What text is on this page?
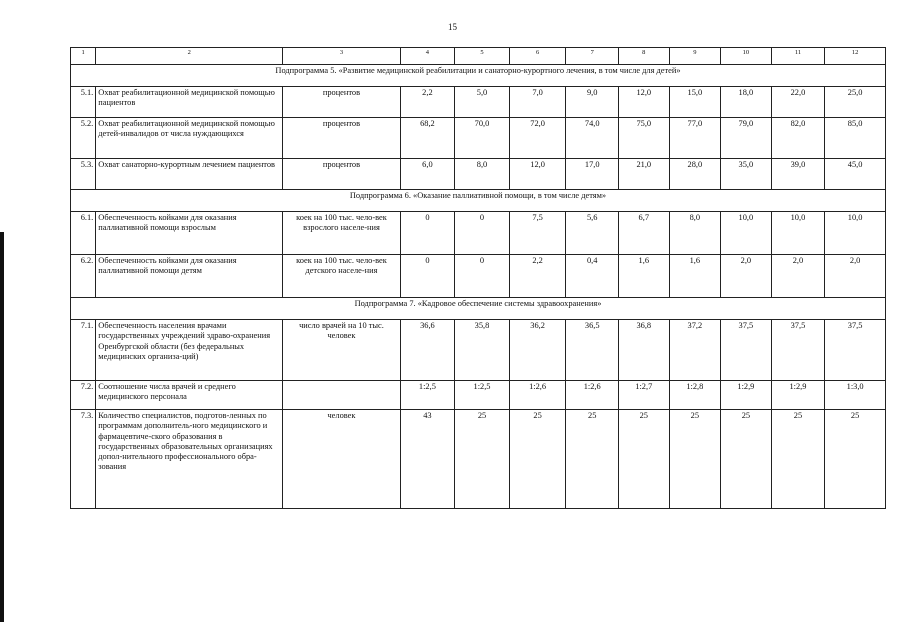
15
1	2	3	4	5	6	7	8	9	10	11	12
Подпрограмма 5. «Развитие медицинской реабилитации и санаторно-курортного лечения, в том числе для детей»											
5.1.	Охват реабилитационной медицинской помощью пациентов	процентов	2,2	5,0	7,0	9,0	12,0	15,0	18,0	22,0	25,0
5.2.	Охват реабилитационной медицинской помощью детей-инвалидов от числа нуждающихся	процентов	68,2	70,0	72,0	74,0	75,0	77,0	79,0	82,0	85,0
5.3.	Охват санаторно-курортным лечением пациентов	процентов	6,0	8,0	12,0	17,0	21,0	28,0	35,0	39,0	45,0
Подпрограмма 6. «Оказание паллиативной помощи, в том числе детям»											
6.1.	Обеспеченность койками для оказания паллиативной помощи взрослым	коек на 100 тыс. чело-век взрослого населе-ния	0	0	7,5	5,6	6,7	8,0	10,0	10,0	10,0
6.2.	Обеспеченность койками для оказания паллиативной помощи детям	коек на 100 тыс. чело-век детского населе-ния	0	0	2,2	0,4	1,6	1,6	2,0	2,0	2,0
Подпрограмма 7. «Кадровое обеспечение системы здравоохранения»											
7.1.	Обеспеченность населения врачами государственных учреждений здраво-охранения Оренбургской области (без федеральных медицинских организа-ций)	число врачей на 10 тыс. человек	36,6	35,8	36,2	36,5	36,8	37,2	37,5	37,5	37,5
7.2.	Соотношение числа врачей и среднего медицинского персонала		1:2,5	1:2,5	1:2,6	1:2,6	1:2,7	1:2,8	1:2,9	1:2,9	1:3,0
7.3.	Количество специалистов, подготов-ленных по программам дополнитель-ного медицинского и фармацевтиче-ского образования в государственных образовательных организациях допол-нительного профессионального обра-зования	человек	43	25	25	25	25	25	25	25	25
